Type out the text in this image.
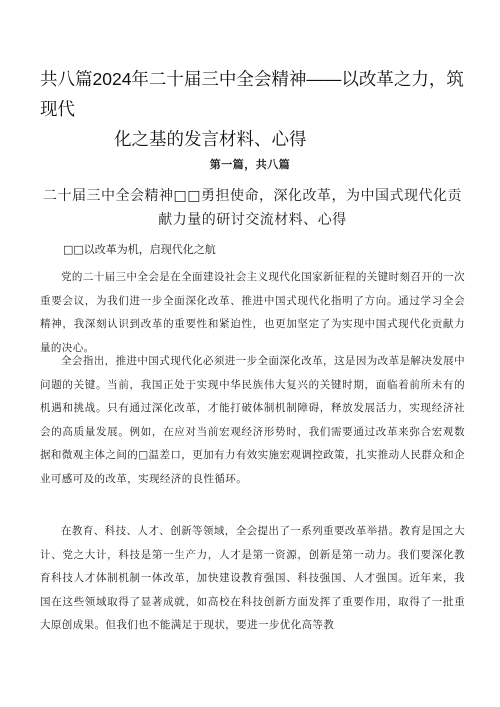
共八篇2024年二十届三中全会精神——以改革之力，筑现代
化之基的发言材料、心得
第一篇，共八篇
二十届三中全会精神□□勇担使命，深化改革，为中国式现代化贡献力量的研讨交流材料、心得

□□以改革为机，启现代化之航

党的二十届三中全会是在全面建设社会主义现代化国家新征程的关键时刻召开的一次重要会议，为我们进一步全面深化改革、推进中国式现代化指明了方向。通过学习全会精神，我深刻认识到改革的重要性和紧迫性，也更加坚定了为实现中国式现代化贡献力量的决心。

全会指出，推进中国式现代化必须进一步全面深化改革，这是因为改革是解决发展中问题的关键。当前，我国正处于实现中华民族伟大复兴的关键时期，面临着前所未有的机遇和挑战。只有通过深化改革，才能打破体制机制障碍，释放发展活力，实现经济社会的高质量发展。例如，在应对当前宏观经济形势时，我们需要通过改革来弥合宏观数据和微观主体之间的□温差口，更加有力有效实施宏观调控政策，扎实推动人民群众和企业可感可及的改革，实现经济的良性循环。

在教育、科技、人才、创新等领域，全会提出了一系列重要改革举措。教育是国之大计、党之大计，科技是第一生产力，人才是第一资源，创新是第一动力。我们要深化教育科技人才体制机制一体改革，加快建设教育强国、科技强国、人才强国。近年来，我国在这些领域取得了显著成就，如高校在科技创新方面发挥了重要作用，取得了一批重大原创成果。但我们也不能满足于现状，要进一步优化高等教
